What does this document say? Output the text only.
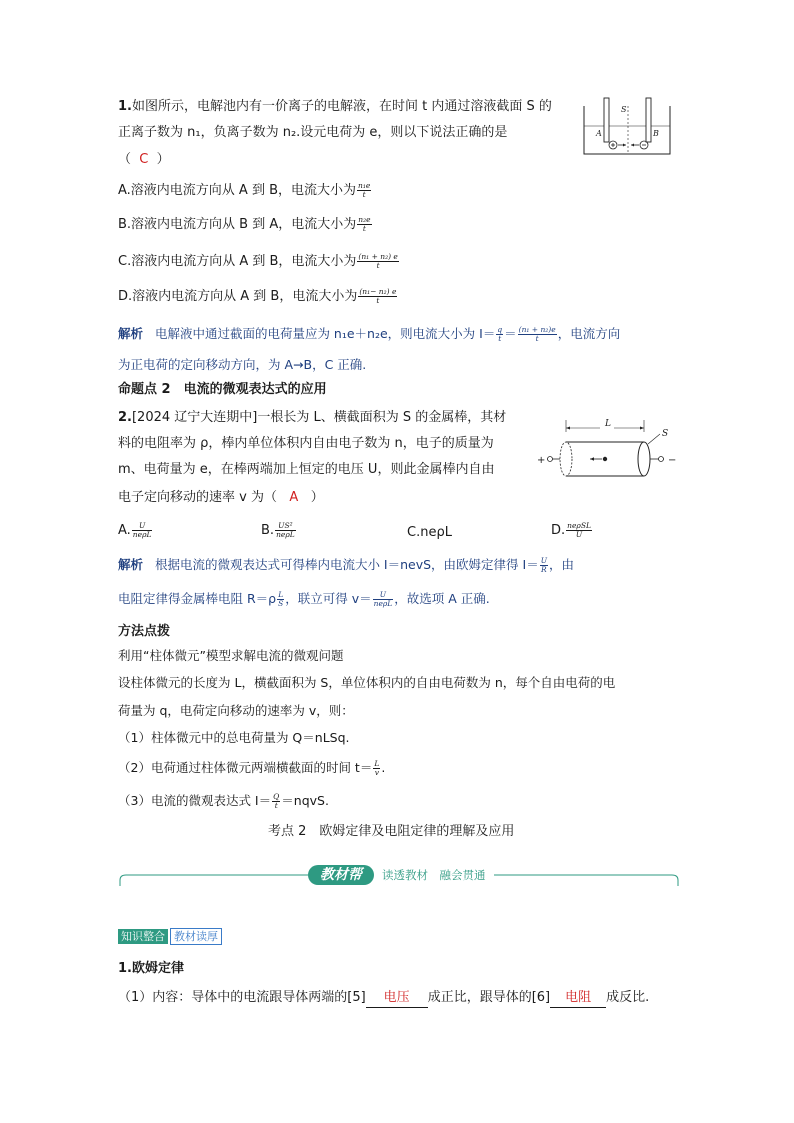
1.如图所示，电解池内有一价离子的电解液，在时间 t 内通过溶液截面 S 的
正离子数为 n₁，负离子数为 n₂.设元电荷为 e，则以下说法正确的是
（ C ）
S
A	B
A.溶液内电流方向从 A 到 B，电流大小为 $\frac{\text{n₁e}}{t}$
B.溶液内电流方向从 B 到 A，电流大小为 $\frac{\text{n₂e}}{t}$
C.溶液内电流方向从 A 到 B，电流大小为 $\frac{\text{(n₁ + n₂) e}}{t}$
D.溶液内电流方向从 A 到 B，电流大小为 $\frac{\text{(n₁− n₂) e}}{t}$
解析 电解液中通过截面的电荷量应为 n₁e＋n₂e，则电流大小为 $I= \frac{q}{t} = \frac{\text{(n₁ + n₂)e}}{t}$ ，电流方向
为正电荷的定向移动方向，为 A→B，C 正确.
命题点 2　电流的微观表达式的应用
2.[2024 辽宁大连期中]一根长为 L、横截面积为 S 的金属棒，其材
料的电阻率为 ρ，棒内单位体积内自由电子数为 n，电子的质量为
m、电荷量为 e，在棒两端加上恒定的电压 U，则此金属棒内自由
电子定向移动的速率 v 为（ A ）
L
S
+	−
A. $\frac{U}{\text{neρL}}$	B. $\frac{\text{US²}}{\text{neρL}}$	C.neρL	D. $\frac{\text{neρSL}}{U}$
解析 根据电流的微观表达式可得棒内电流大小 I＝nevS，由欧姆定律得 $I= \frac{U}{R}$ ，由
电阻定律得金属棒电阻 $R=\rho \frac{L}{S}$ ，联立可得 $v= \frac{U}{\text{neρL}}$ ，故选项 A 正确.
方法点拨
利用“柱体微元”模型求解电流的微观问题
设柱体微元的长度为 L，横截面积为 S，单位体积内的自由电荷数为 n，每个自由电荷的电
荷量为 q，电荷定向移动的速率为 v，则：
（1）柱体微元中的总电荷量为 Q＝nLSq.
（2）电荷通过柱体微元两端横截面的时间 $t= \frac{L}{v}$ .
（3）电流的微观表达式 $I= \frac{Q}{t}$ ＝nqvS.
考点 2　欧姆定律及电阻定律的理解及应用
教材帮	读透教材　融会贯通
知识整合 教材读厚
1.欧姆定律
（1）内容：导体中的电流跟导体两端的[5] 电压 成正比，跟导体的[6] 电阻 成反比.
